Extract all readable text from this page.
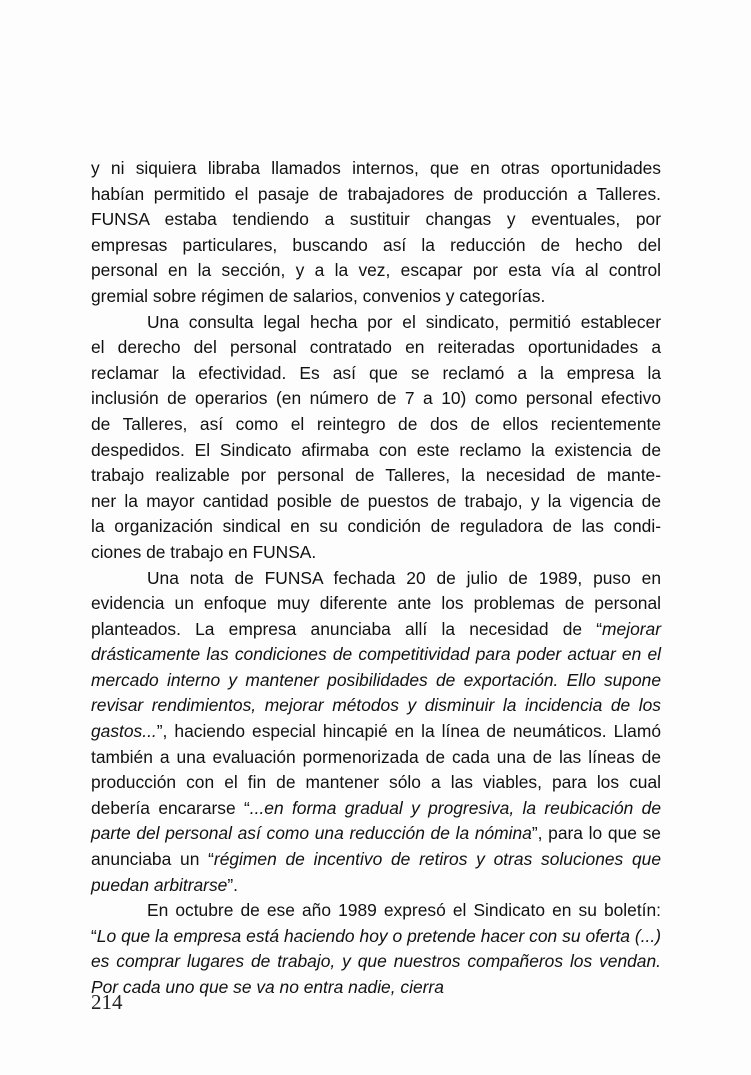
y ni siquiera libraba llamados internos, que en otras oportunidades
habían permitido el pasaje de trabajadores de producción a Talleres.
FUNSA estaba tendiendo a sustituir changas y eventuales, por
empresas particulares, buscando así la reducción de hecho del
personal en la sección, y a la vez, escapar por esta vía al control
gremial sobre régimen de salarios, convenios y categorías.

Una consulta legal hecha por el sindicato, permitió establecer
el derecho del personal contratado en reiteradas oportunidades a
reclamar la efectividad. Es así que se reclamó a la empresa la
inclusión de operarios (en número de 7 a 10) como personal efectivo
de Talleres, así como el reintegro de dos de ellos recientemente
despedidos. El Sindicato afirmaba con este reclamo la existencia de
trabajo realizable por personal de Talleres, la necesidad de mante-
ner la mayor cantidad posible de puestos de trabajo, y la vigencia de
la organización sindical en su condición de reguladora de las condi-
ciones de trabajo en FUNSA.

Una nota de FUNSA fechada 20 de julio de 1989, puso en evidencia un enfoque muy diferente ante los problemas de personal planteados. La empresa anunciaba allí la necesidad de “mejorar drásticamente las condiciones de competitividad para poder actuar en el mercado interno y mantener posibilidades de exportación. Ello supone revisar rendimientos, mejorar métodos y disminuir la incidencia de los gastos...”, haciendo especial hincapié en la línea de neumáticos. Llamó también a una evaluación pormenorizada de cada una de las líneas de producción con el fin de mantener sólo a las viables, para los cual debería encararse “...en forma gradual y progresiva, la reubicación de parte del personal así como una reducción de la nómina”, para lo que se anunciaba un “régimen de incentivo de retiros y otras soluciones que puedan arbitrarse”.

En octubre de ese año 1989 expresó el Sindicato en su boletín: “Lo que la empresa está haciendo hoy o pretende hacer con su oferta (...) es comprar lugares de trabajo, y que nuestros compañeros los vendan. Por cada uno que se va no entra nadie, cierra

214
